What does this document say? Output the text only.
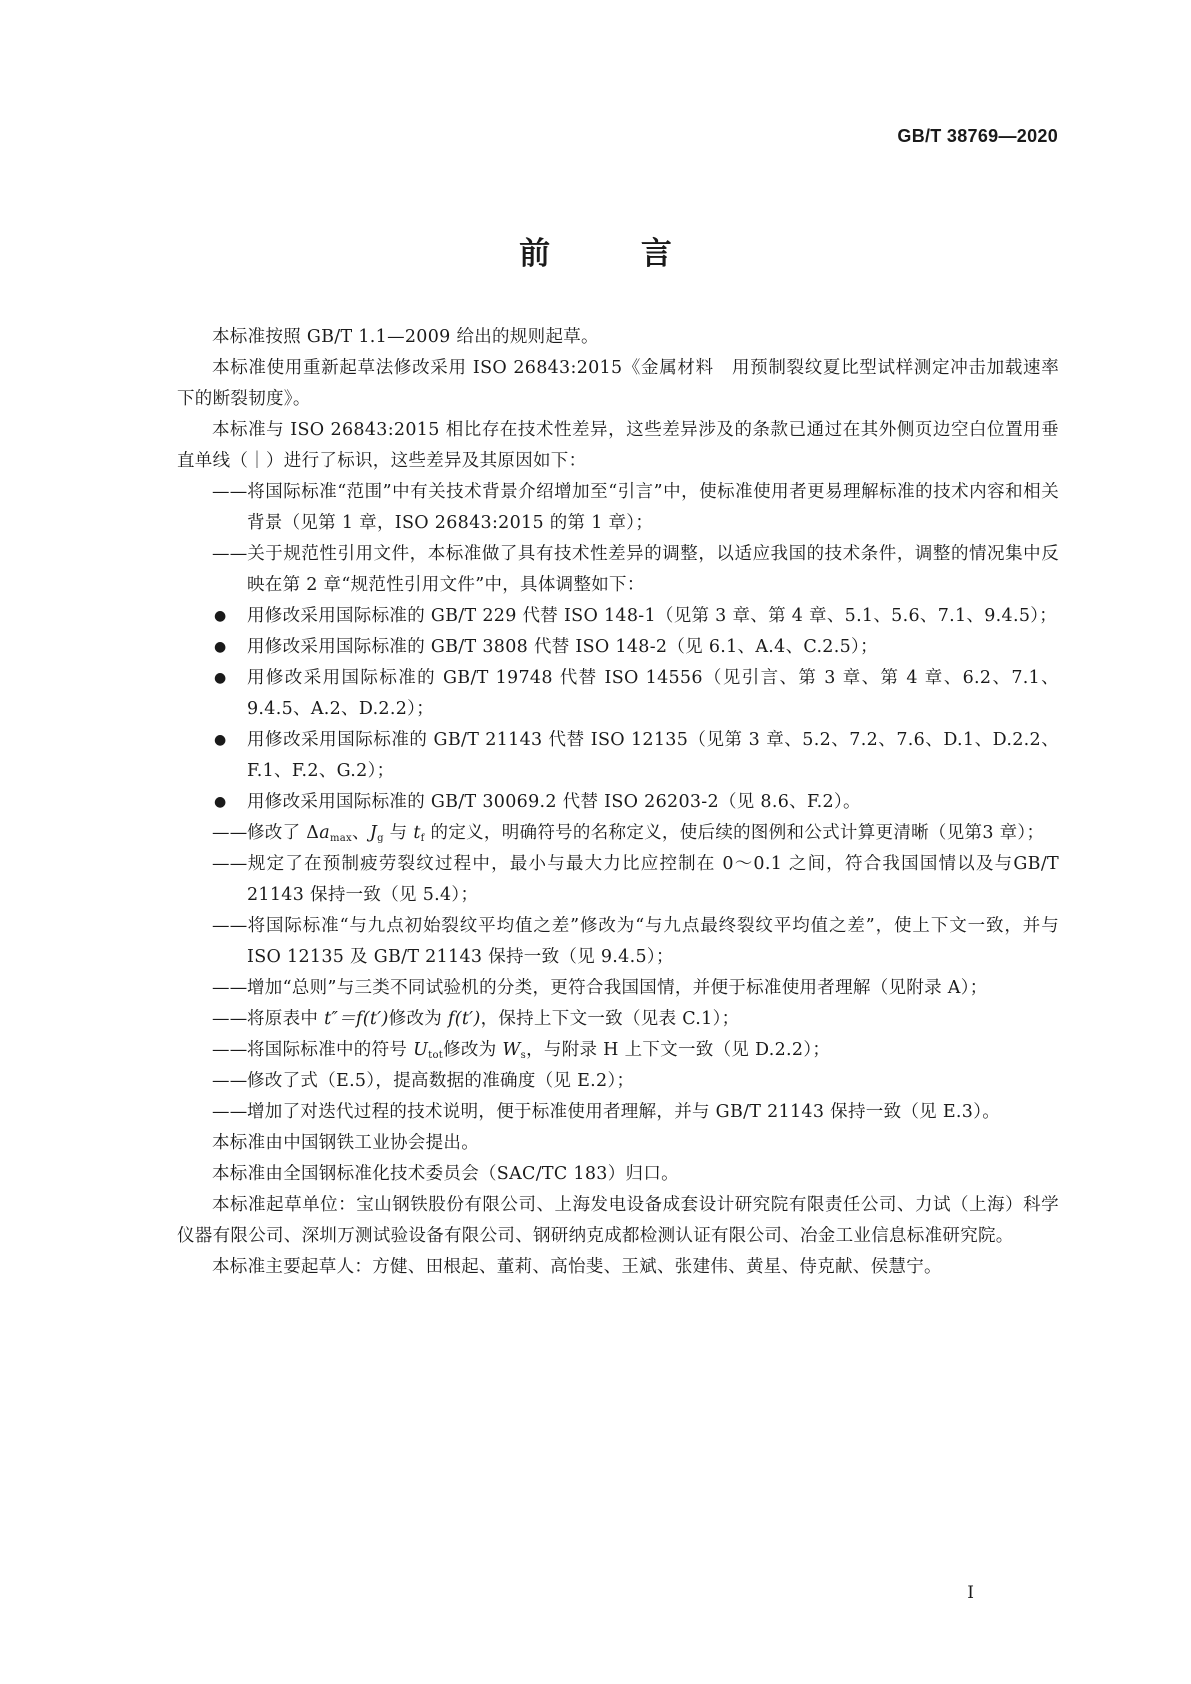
GB/T 38769—2020
前 言

本标准按照 GB/T 1.1—2009 给出的规则起草。

本标准使用重新起草法修改采用 ISO 26843:2015《金属材料　用预制裂纹夏比型试样测定冲击加载速率下的断裂韧度》。

本标准与 ISO 26843:2015 相比存在技术性差异，这些差异涉及的条款已通过在其外侧页边空白位置用垂直单线（｜）进行了标识，这些差异及其原因如下：

——将国际标准“范围”中有关技术背景介绍增加至“引言”中，使标准使用者更易理解标准的技术内容和相关背景（见第 1 章，ISO 26843:2015 的第 1 章）；

——关于规范性引用文件，本标准做了具有技术性差异的调整，以适应我国的技术条件，调整的情况集中反映在第 2 章“规范性引用文件”中，具体调整如下：

● 用修改采用国际标准的 GB/T 229 代替 ISO 148-1（见第 3 章、第 4 章、5.1、5.6、7.1、9.4.5）；

● 用修改采用国际标准的 GB/T 3808 代替 ISO 148-2（见 6.1、A.4、C.2.5）；

● 用修改采用国际标准的 GB/T 19748 代替 ISO 14556（见引言、第 3 章、第 4 章、6.2、7.1、9.4.5、A.2、D.2.2）；

● 用修改采用国际标准的 GB/T 21143 代替 ISO 12135（见第 3 章、5.2、7.2、7.6、D.1、D.2.2、F.1、F.2、G.2）；

● 用修改采用国际标准的 GB/T 30069.2 代替 ISO 26203-2（见 8.6、F.2）。

——修改了 $\Delta a_{max}$、$J_g$ 与 $t_f$ 的定义，明确符号的名称定义，使后续的图例和公式计算更清晰（见第3 章）；

——规定了在预制疲劳裂纹过程中，最小与最大力比应控制在 0～0.1 之间，符合我国国情以及与GB/T 21143 保持一致（见 5.4）；

——将国际标准“与九点初始裂纹平均值之差”修改为“与九点最终裂纹平均值之差”，使上下文一致，并与 ISO 12135 及 GB/T 21143 保持一致（见 9.4.5）；

——增加“总则”与三类不同试验机的分类，更符合我国国情，并便于标准使用者理解（见附录 A）；

——将原表中 t″＝f(t′)修改为 f(t′)，保持上下文一致（见表 C.1）；

——将国际标准中的符号 $U_{tot}$修改为 $W_s$，与附录 H 上下文一致（见 D.2.2）；

——修改了式（E.5），提高数据的准确度（见 E.2）；

——增加了对迭代过程的技术说明，便于标准使用者理解，并与 GB/T 21143 保持一致（见 E.3）。

本标准由中国钢铁工业协会提出。

本标准由全国钢标准化技术委员会（SAC/TC 183）归口。

本标准起草单位：宝山钢铁股份有限公司、上海发电设备成套设计研究院有限责任公司、力试（上海）科学仪器有限公司、深圳万测试验设备有限公司、钢研纳克成都检测认证有限公司、冶金工业信息标准研究院。

本标准主要起草人：方健、田根起、董莉、高怡斐、王斌、张建伟、黄星、侍克献、侯慧宁。

I
